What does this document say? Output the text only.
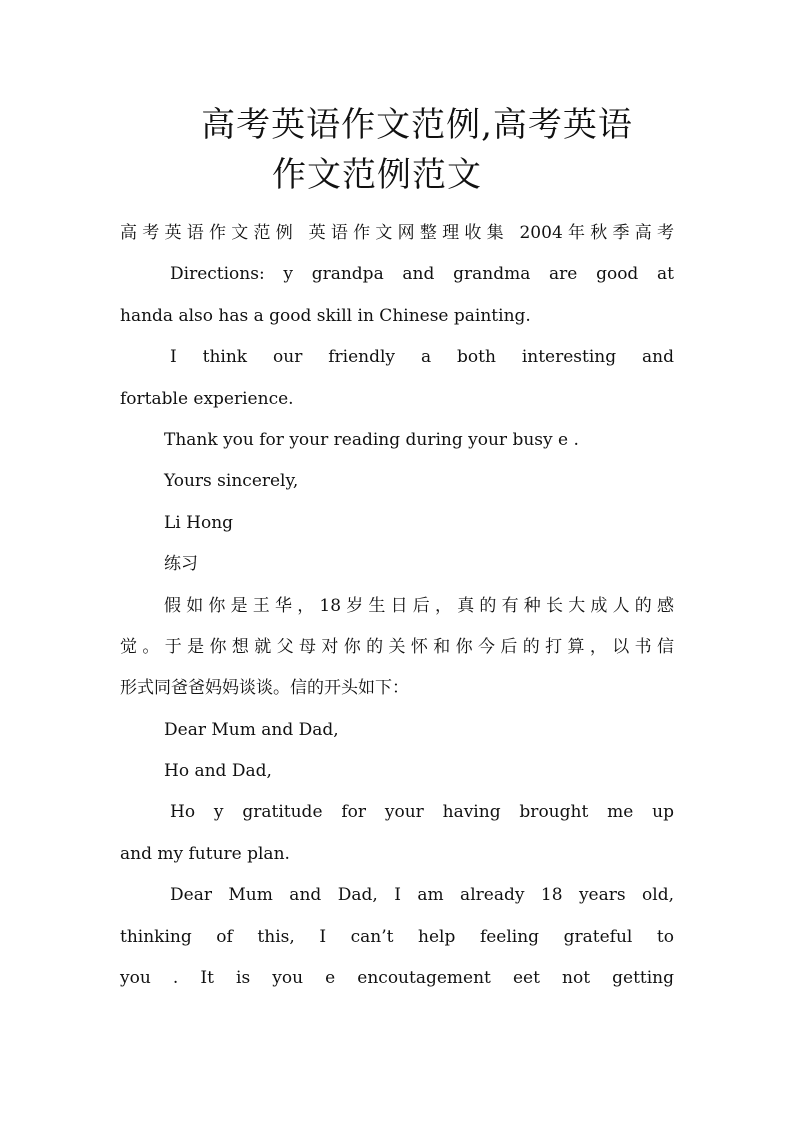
高考英语作文范例,高考英语
作文范例范文

高考英语作文范例 英语作文网整理收集 2004年秋季高考

Directions: y grandpa and grandma are good at

handa also has a good skill in Chinese painting.

I think our friendly a both interesting and

fortable experience.

Thank you for your reading during your busy e .

Yours sincerely,

Li Hong

练习

假如你是王华，18岁生日后，真的有种长大成人的感

觉。于是你想就父母对你的关怀和你今后的打算，以书信

形式同爸爸妈妈谈谈。信的开头如下：

Dear Mum and Dad,

Ho and Dad,

Ho y gratitude for your having brought me up

and my future plan.

Dear Mum and Dad, I am already 18 years old,

thinking of this, I can’t help feeling grateful to

you . It is you e encoutagement eet not getting
